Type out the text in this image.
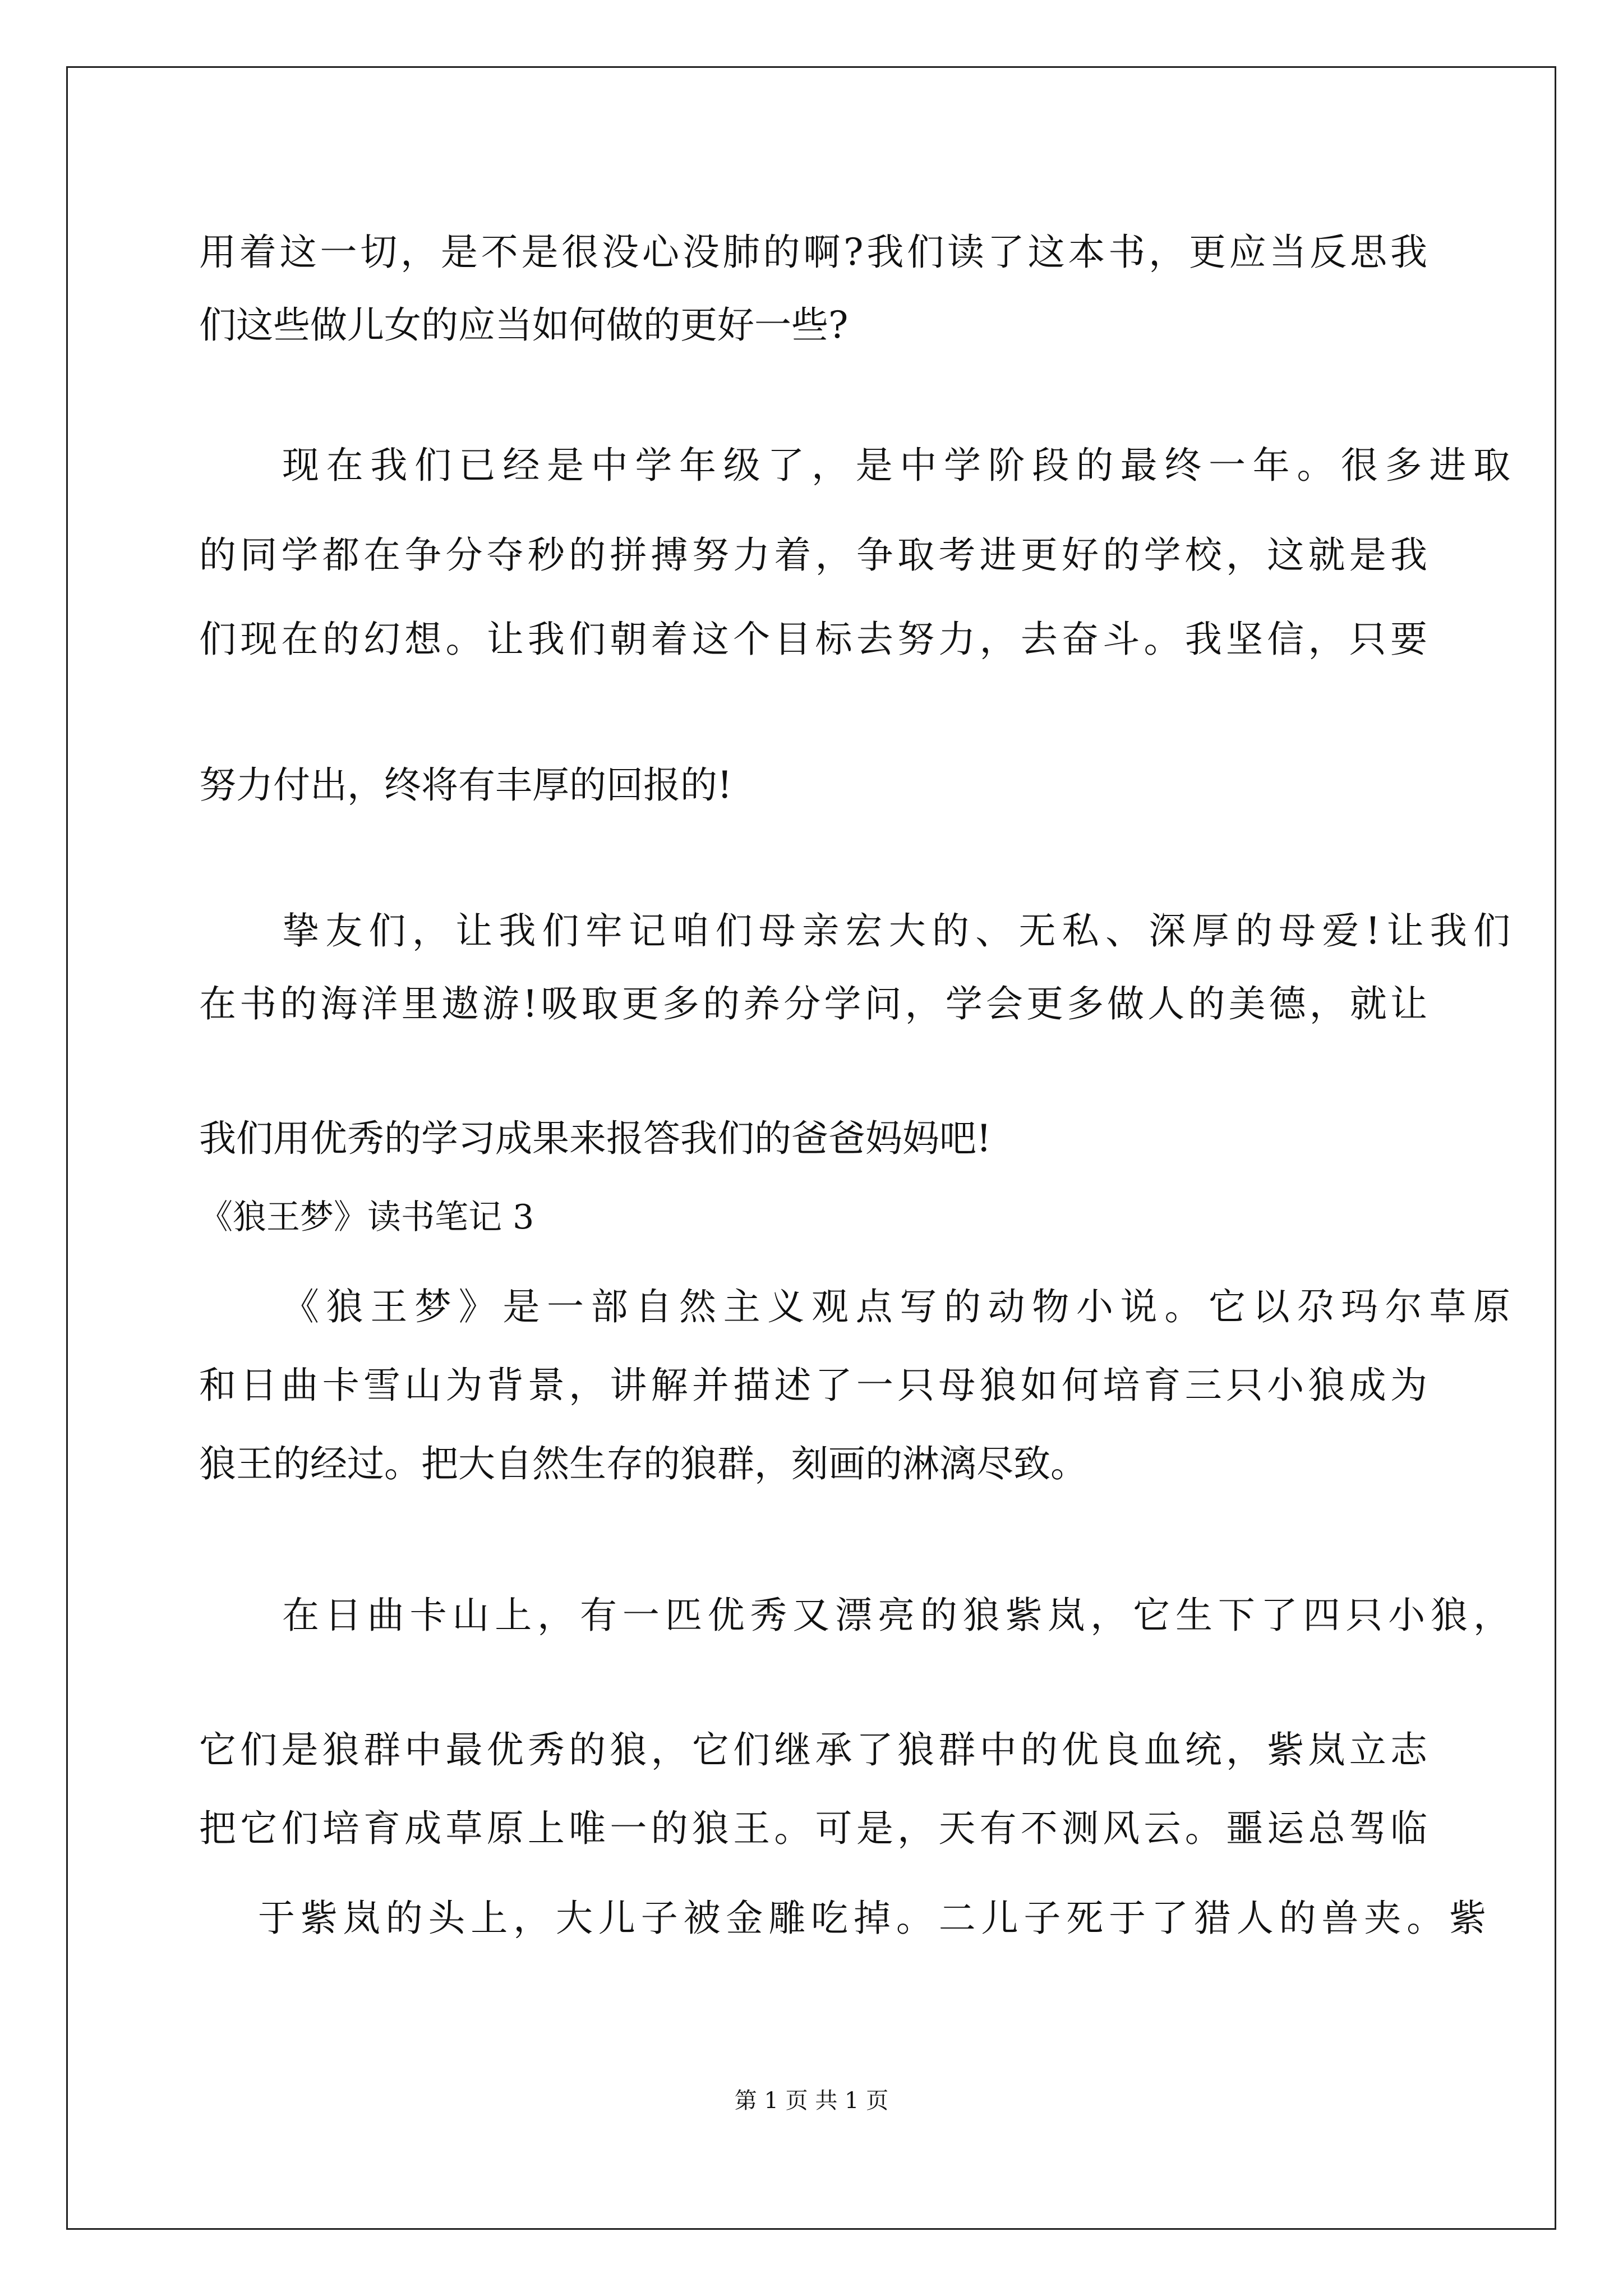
用着这一切，是不是很没心没肺的啊?我们读了这本书，更应当反思我
们这些做儿女的应当如何做的更好一些?
现在我们已经是中学年级了，是中学阶段的最终一年。很多进取
的同学都在争分夺秒的拼搏努力着，争取考进更好的学校，这就是我
们现在的幻想。让我们朝着这个目标去努力，去奋斗。我坚信，只要
努力付出，终将有丰厚的回报的!
挚友们，让我们牢记咱们母亲宏大的、无私、深厚的母爱!让我们
在书的海洋里遨游!吸取更多的养分学问，学会更多做人的美德，就让
我们用优秀的学习成果来报答我们的爸爸妈妈吧!
《狼王梦》读书笔记 3
《狼王梦》是一部自然主义观点写的动物小说。它以尕玛尔草原
和日曲卡雪山为背景，讲解并描述了一只母狼如何培育三只小狼成为
狼王的经过。把大自然生存的狼群，刻画的淋漓尽致。
在日曲卡山上，有一匹优秀又漂亮的狼紫岚，它生下了四只小狼，
它们是狼群中最优秀的狼，它们继承了狼群中的优良血统，紫岚立志
把它们培育成草原上唯一的狼王。可是，天有不测风云。噩运总驾临
于紫岚的头上，大儿子被金雕吃掉。二儿子死于了猎人的兽夹。紫
第 1 页 共 1 页
